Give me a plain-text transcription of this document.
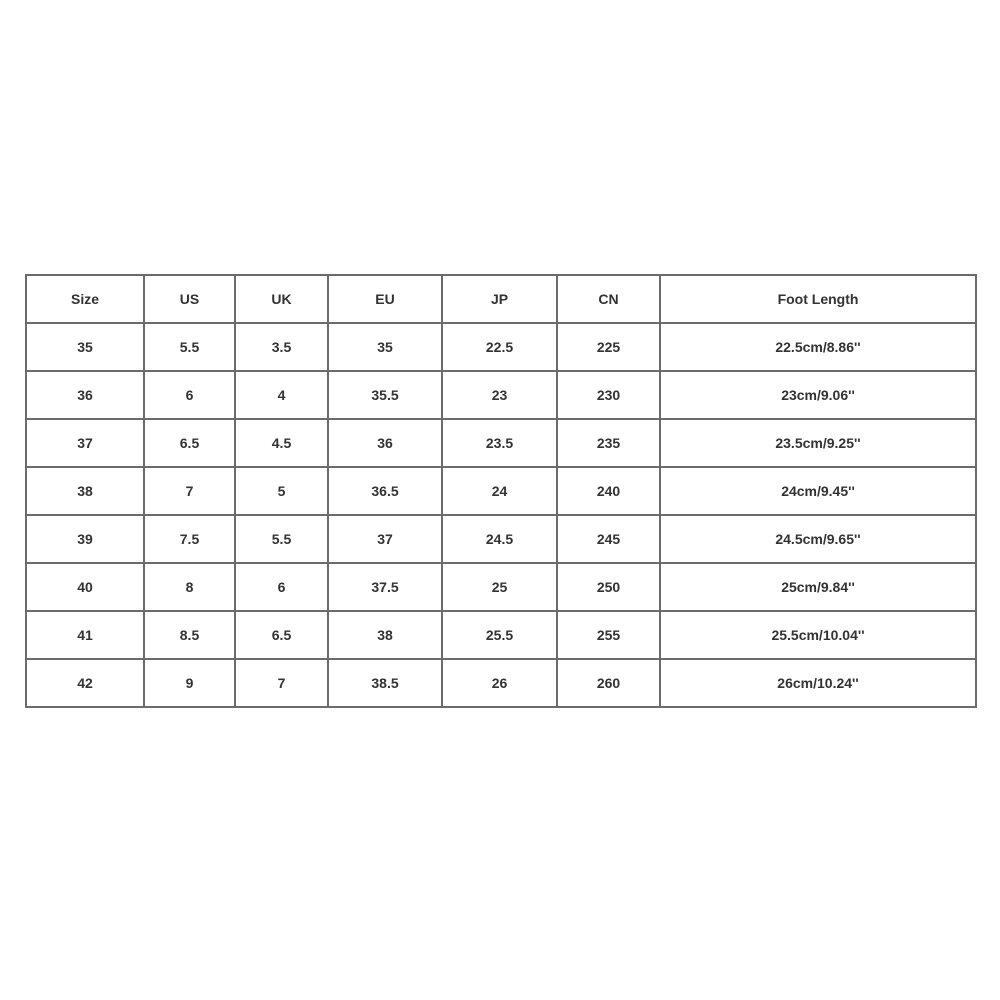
Size	US	UK	EU	JP	CN	Foot Length
35	5.5	3.5	35	22.5	225	22.5cm/8.86''
36	6	4	35.5	23	230	23cm/9.06''
37	6.5	4.5	36	23.5	235	23.5cm/9.25''
38	7	5	36.5	24	240	24cm/9.45''
39	7.5	5.5	37	24.5	245	24.5cm/9.65''
40	8	6	37.5	25	250	25cm/9.84''
41	8.5	6.5	38	25.5	255	25.5cm/10.04''
42	9	7	38.5	26	260	26cm/10.24''
